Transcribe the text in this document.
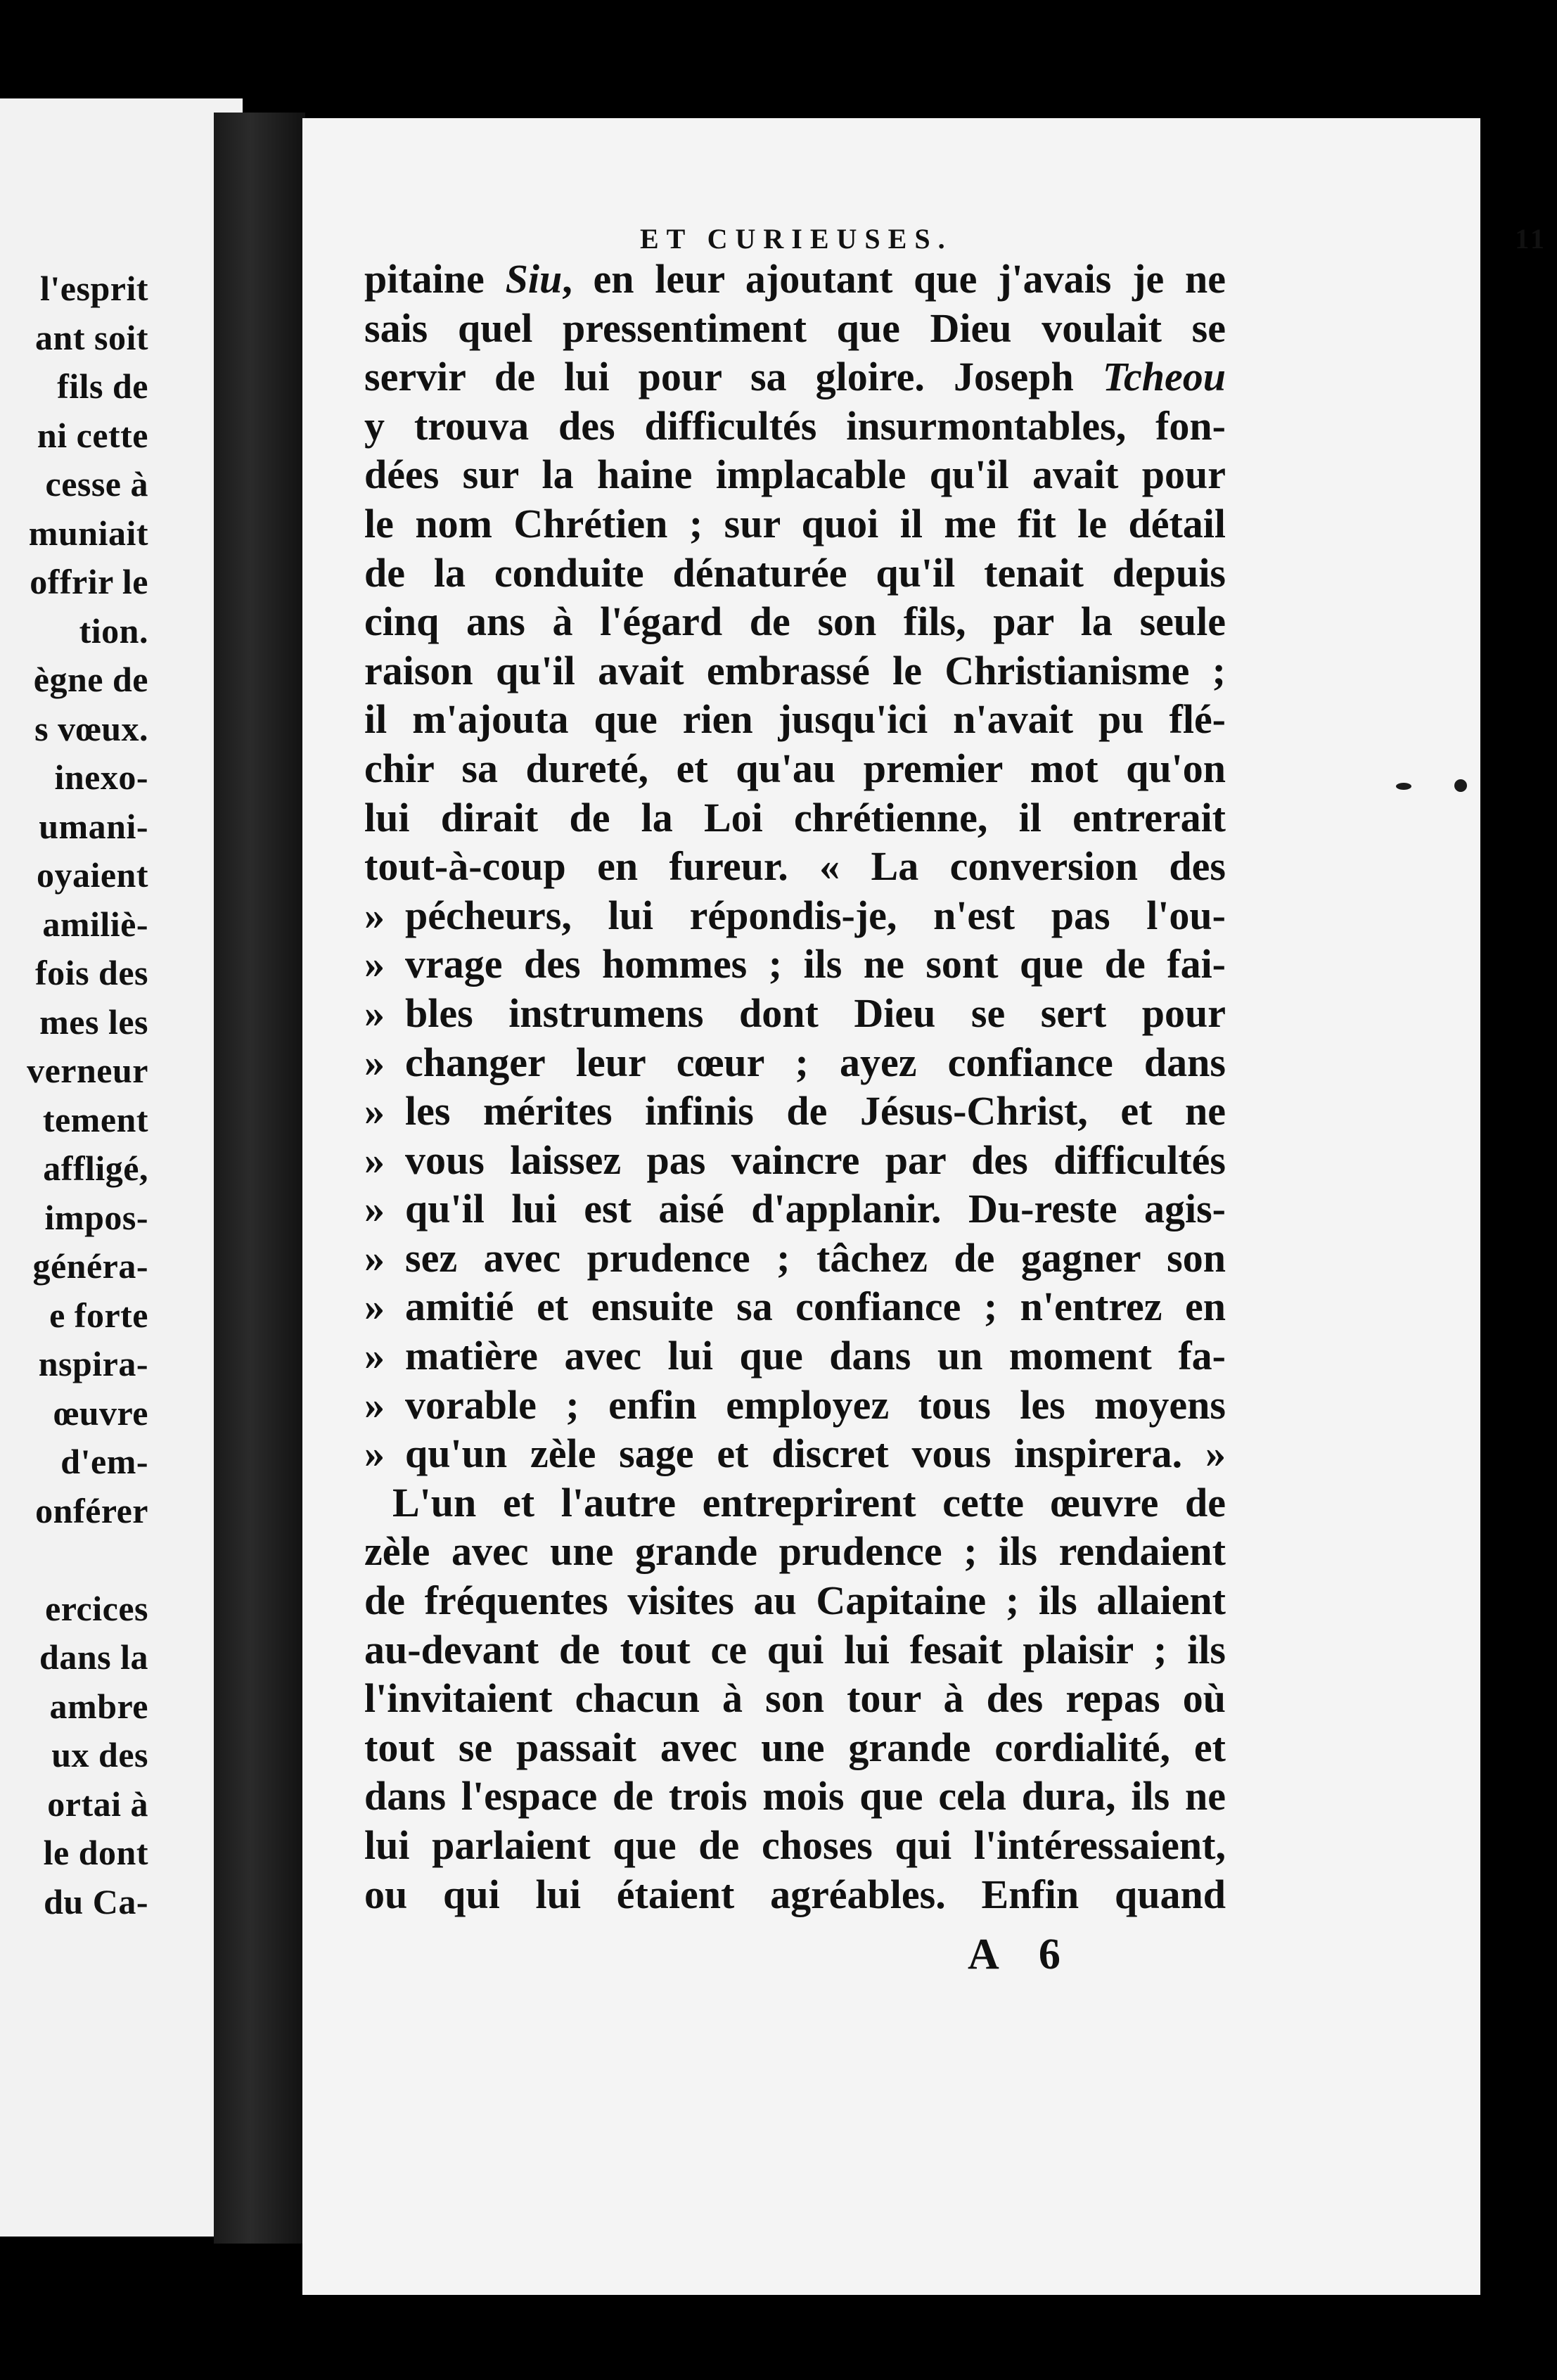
l'esprit
ant soit
fils de
ni cette
cesse à
muniait
offrir le
tion.
ègne de
s vœux.
inexo-
umani-
oyaient
amiliè-
fois des
mes les
verneur
tement
affligé,
impos-
généra-
e forte
nspira-
œuvre
d'em-
onférer
ercices
dans la
ambre
ux des
ortai à
le dont
du Ca-
ET CURIEUSES.	11
pitaine Siu, en leur ajoutant que j'avais je ne
sais quel pressentiment que Dieu voulait se
servir de lui pour sa gloire. Joseph Tcheou
y trouva des difficultés insurmontables, fon-
dées sur la haine implacable qu'il avait pour
le nom Chrétien ; sur quoi il me fit le détail
de la conduite dénaturée qu'il tenait depuis
cinq ans à l'égard de son fils, par la seule
raison qu'il avait embrassé le Christianisme ;
il m'ajouta que rien jusqu'ici n'avait pu flé-
chir sa dureté, et qu'au premier mot qu'on
lui dirait de la Loi chrétienne, il entrerait
tout-à-coup en fureur. « La conversion des
» pécheurs, lui répondis-je, n'est pas l'ou-
» vrage des hommes ; ils ne sont que de fai-
» bles instrumens dont Dieu se sert pour
» changer leur cœur ; ayez confiance dans
» les mérites infinis de Jésus-Christ, et ne
» vous laissez pas vaincre par des difficultés
» qu'il lui est aisé d'applanir. Du-reste agis-
» sez avec prudence ; tâchez de gagner son
» amitié et ensuite sa confiance ; n'entrez en
» matière avec lui que dans un moment fa-
» vorable ; enfin employez tous les moyens
» qu'un zèle sage et discret vous inspirera. »
L'un et l'autre entreprirent cette œuvre de
zèle avec une grande prudence ; ils rendaient
de fréquentes visites au Capitaine ; ils allaient
au-devant de tout ce qui lui fesait plaisir ; ils
l'invitaient chacun à son tour à des repas où
tout se passait avec une grande cordialité, et
dans l'espace de trois mois que cela dura, ils ne
lui parlaient que de choses qui l'intéressaient,
ou qui lui étaient agréables. Enfin quand
A 6
